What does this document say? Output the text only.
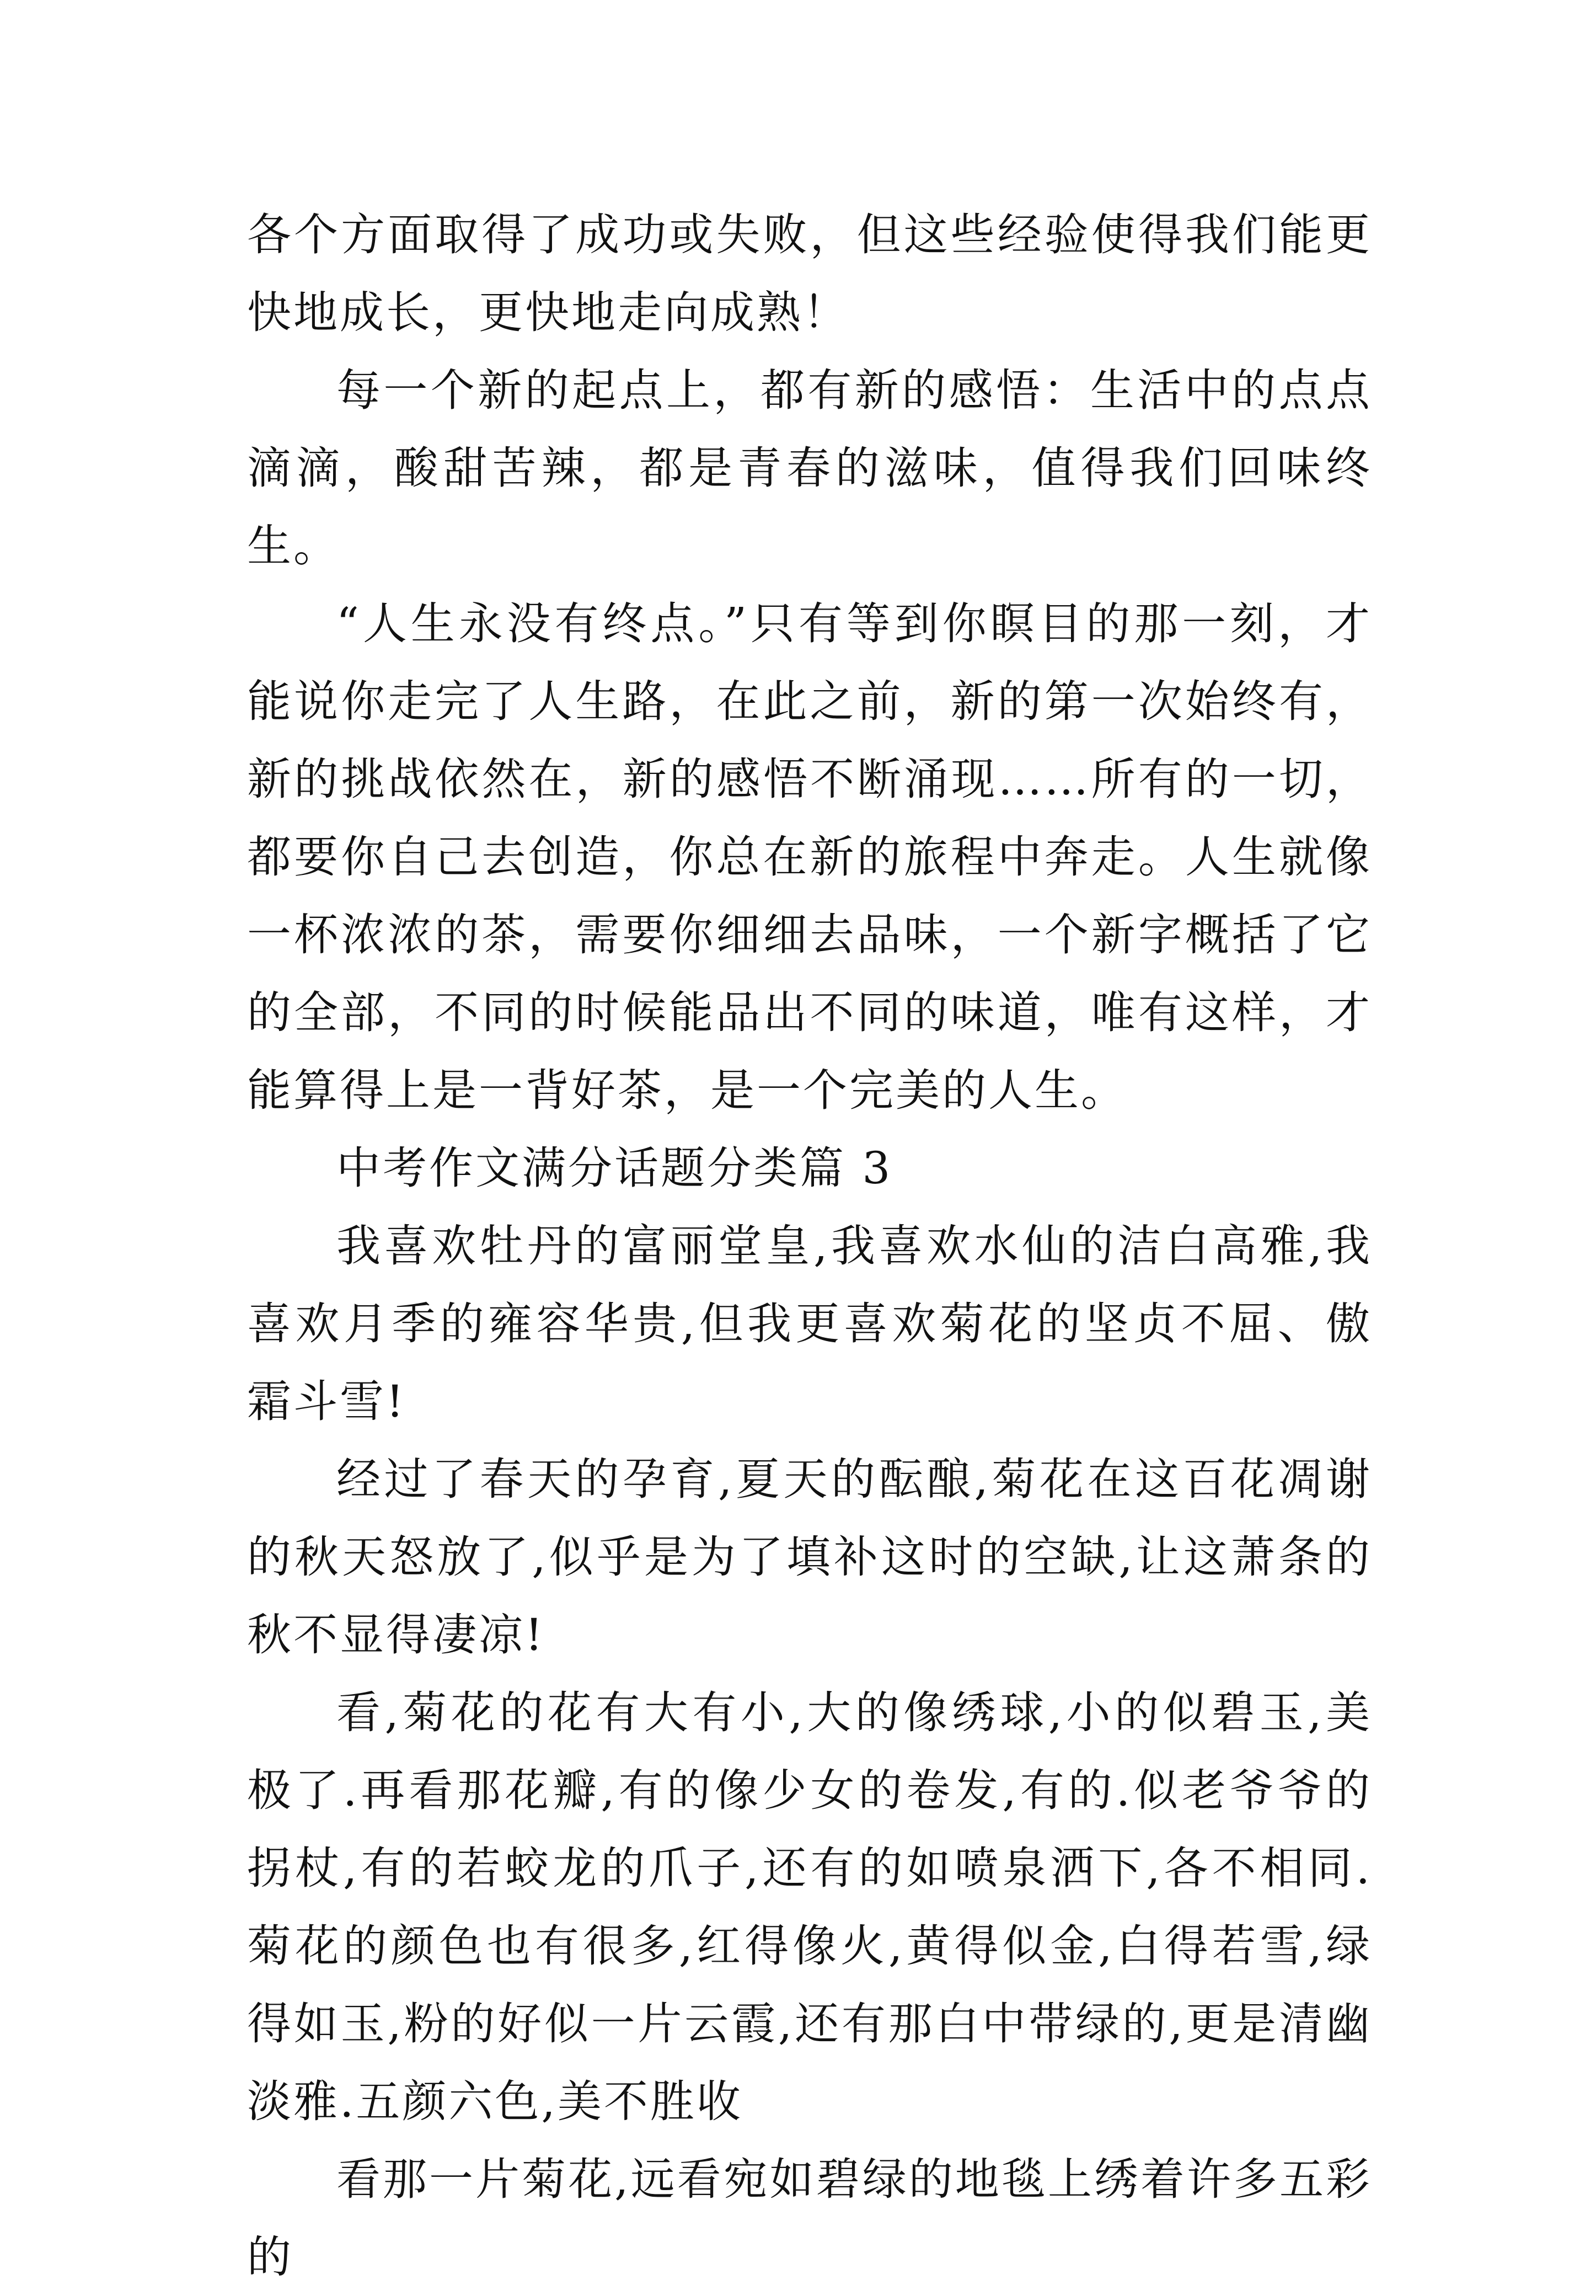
各个方面取得了成功或失败，但这些经验使得我们能更快地成长，更快地走向成熟！

每一个新的起点上，都有新的感悟：生活中的点点滴滴，酸甜苦辣，都是青春的滋味，值得我们回味终生。

“人生永没有终点。”只有等到你瞑目的那一刻，才能说你走完了人生路，在此之前，新的第一次始终有，新的挑战依然在，新的感悟不断涌现……所有的一切，都要你自己去创造，你总在新的旅程中奔走。人生就像一杯浓浓的茶，需要你细细去品味，一个新字概括了它的全部，不同的时候能品出不同的味道，唯有这样，才能算得上是一背好茶，是一个完美的人生。

中考作文满分话题分类篇 3

我喜欢牡丹的富丽堂皇,我喜欢水仙的洁白高雅,我喜欢月季的雍容华贵,但我更喜欢菊花的坚贞不屈、傲霜斗雪!

经过了春天的孕育,夏天的酝酿,菊花在这百花凋谢的秋天怒放了,似乎是为了填补这时的空缺,让这萧条的秋不显得凄凉!

看,菊花的花有大有小,大的像绣球,小的似碧玉,美极了.再看那花瓣,有的像少女的卷发,有的.似老爷爷的拐杖,有的若蛟龙的爪子,还有的如喷泉洒下,各不相同.菊花的颜色也有很多,红得像火,黄得似金,白得若雪,绿得如玉,粉的好似一片云霞,还有那白中带绿的,更是清幽淡雅.五颜六色,美不胜收

看那一片菊花,远看宛如碧绿的地毯上绣着许多五彩的
